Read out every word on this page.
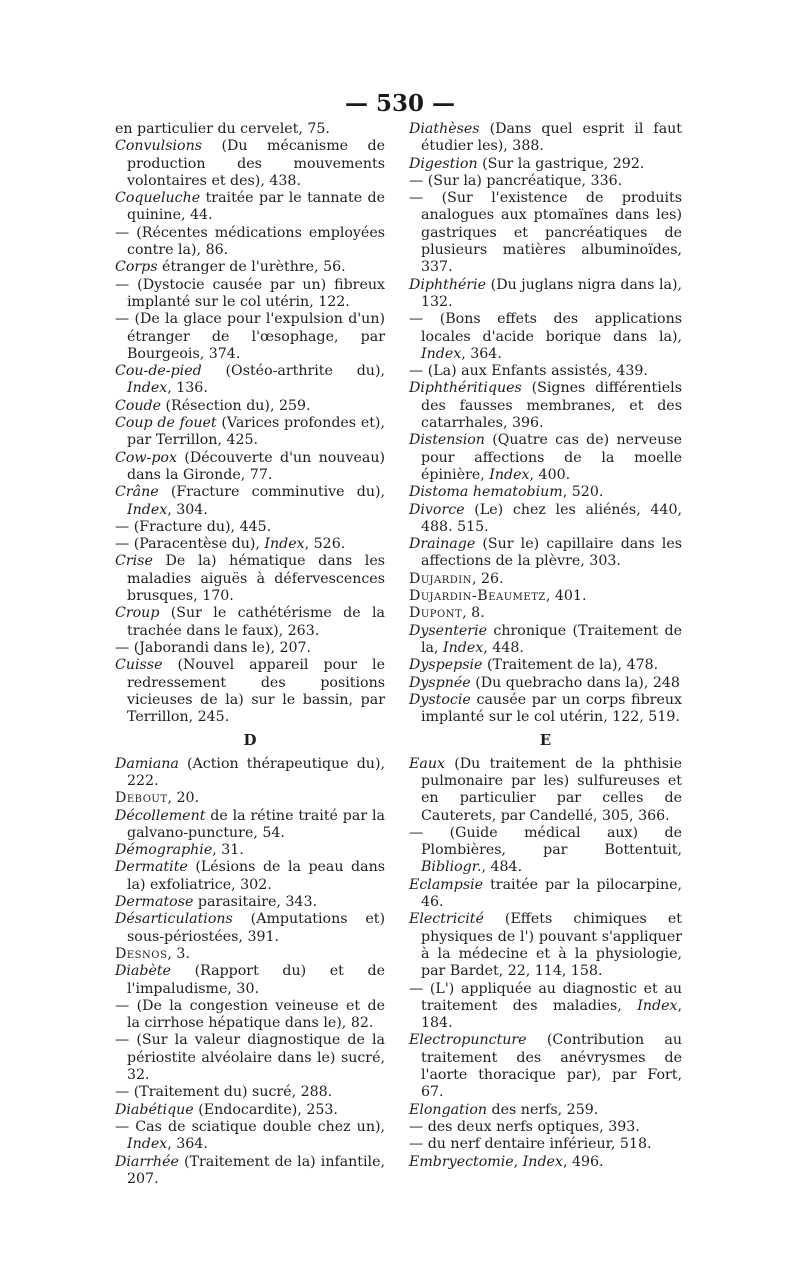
— 530 —

en particulier du cervelet, 75.

Convulsions (Du mécanisme de production des mouvements volontaires et des), 438.

Coqueluche traitée par le tannate de quinine, 44.

— (Récentes médications employées contre la), 86.

Corps étranger de l'urèthre, 56.

— (Dystocie causée par un) fibreux implanté sur le col utérin, 122.

— (De la glace pour l'expulsion d'un) étranger de l'œsophage, par Bourgeois, 374.

Cou-de-pied (Ostéo-arthrite du), Index, 136.

Coude (Résection du), 259.

Coup de fouet (Varices profondes et), par Terrillon, 425.

Cow-pox (Découverte d'un nouveau) dans la Gironde, 77.

Crâne (Fracture comminutive du), Index, 304.

— (Fracture du), 445.

— (Paracentèse du), Index, 526.

Crise De la) hématique dans les maladies aiguës à défervescences brusques, 170.

Croup (Sur le cathétérisme de la trachée dans le faux), 263.

— (Jaborandi dans le), 207.

Cuisse (Nouvel appareil pour le redressement des positions vicieuses de la) sur le bassin, par Terrillon, 245.

D

Damiana (Action thérapeutique du), 222.

Debout, 20.

Décollement de la rétine traité par la galvano-puncture, 54.

Démographie, 31.

Dermatite (Lésions de la peau dans la) exfoliatrice, 302.

Dermatose parasitaire, 343.

Désarticulations (Amputations et) sous-périostées, 391.

Desnos, 3.

Diabète (Rapport du) et de l'impaludisme, 30.

— (De la congestion veineuse et de la cirrhose hépatique dans le), 82.

— (Sur la valeur diagnostique de la périostite alvéolaire dans le) sucré, 32.

— (Traitement du) sucré, 288.

Diabétique (Endocardite), 253.

— Cas de sciatique double chez un), Index, 364.

Diarrhée (Traitement de la) infantile, 207.

Diathèses (Dans quel esprit il faut étudier les), 388.

Digestion (Sur la gastrique, 292.

— (Sur la) pancréatique, 336.

— (Sur l'existence de produits analogues aux ptomaïnes dans les) gastriques et pancréatiques de plusieurs matières albuminoïdes, 337.

Diphthérie (Du juglans nigra dans la), 132.

— (Bons effets des applications locales d'acide borique dans la), Index, 364.

— (La) aux Enfants assistés, 439.

Diphthéritiques (Signes différentiels des fausses membranes, et des catarrhales, 396.

Distension (Quatre cas de) nerveuse pour affections de la moelle épinière, Index, 400.

Distoma hematobium, 520.

Divorce (Le) chez les aliénés, 440, 488. 515.

Drainage (Sur le) capillaire dans les affections de la plèvre, 303.

Dujardin, 26.

Dujardin-Beaumetz, 401.

Dupont, 8.

Dysenterie chronique (Traitement de la, Index, 448.

Dyspepsie (Traitement de la), 478.

Dyspnée (Du quebracho dans la), 248

Dystocie causée par un corps fibreux implanté sur le col utérin, 122, 519.

E

Eaux (Du traitement de la phthisie pulmonaire par les) sulfureuses et en particulier par celles de Cauterets, par Candellé, 305, 366.

— (Guide médical aux) de Plombières, par Bottentuit, Bibliogr., 484.

Eclampsie traitée par la pilocarpine, 46.

Electricité (Effets chimiques et physiques de l') pouvant s'appliquer à la médecine et à la physiologie, par Bardet, 22, 114, 158.

— (L') appliquée au diagnostic et au traitement des maladies, Index, 184.

Electropuncture (Contribution au traitement des anévrysmes de l'aorte thoracique par), par Fort, 67.

Elongation des nerfs, 259.

— des deux nerfs optiques, 393.

— du nerf dentaire inférieur, 518.

Embryectomie, Index, 496.
